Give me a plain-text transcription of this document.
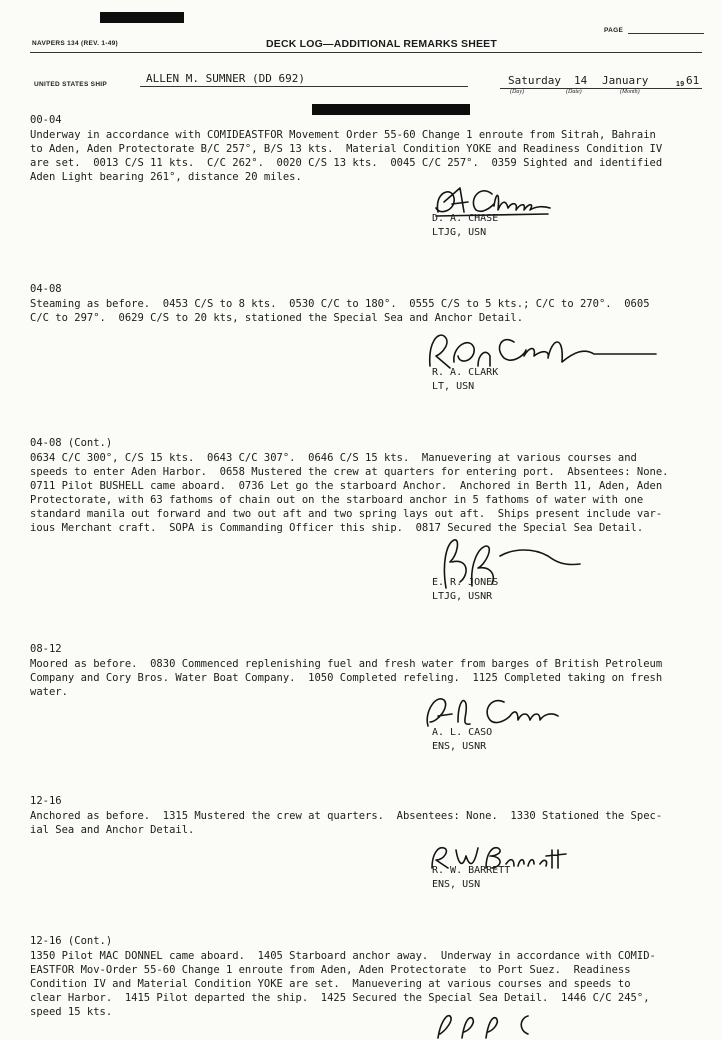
PAGE
NAVPERS 134 (REV. 1-49)	DECK LOG—ADDITIONAL REMARKS SHEET
UNITED STATES SHIP	ALLEN M. SUMNER (DD 692)	Saturday 14 January	19 61
(Day)	(Date)	(Month)
00-04
Underway in accordance with COMIDEASTFOR Movement Order 55-60 Change 1 enroute from Sitrah, Bahrain
to Aden, Aden Protectorate B/C 257°, B/S 13 kts.  Material Condition YOKE and Readiness Condition IV
are set.  0013 C/S 11 kts.  C/C 262°.  0020 C/S 13 kts.  0045 C/C 257°.  0359 Sighted and identified
Aden Light bearing 261°, distance 20 miles.
D. A. CHASE
LTJG, USN
04-08
Steaming as before.  0453 C/S to 8 kts.  0530 C/C to 180°.  0555 C/S to 5 kts.; C/C to 270°.  0605
C/C to 297°.  0629 C/S to 20 kts, stationed the Special Sea and Anchor Detail.
R. A. CLARK
LT, USN
04-08 (Cont.)
0634 C/C 300°, C/S 15 kts.  0643 C/C 307°.  0646 C/S 15 kts.  Manuevering at various courses and
speeds to enter Aden Harbor.  0658 Mustered the crew at quarters for entering port.  Absentees: None.
0711 Pilot BUSHELL came aboard.  0736 Let go the starboard Anchor.  Anchored in Berth 11, Aden, Aden
Protectorate, with 63 fathoms of chain out on the starboard anchor in 5 fathoms of water with one
standard manila out forward and two out aft and two spring lays out aft.  Ships present include var-
ious Merchant craft.  SOPA is Commanding Officer this ship.  0817 Secured the Special Sea Detail.
E. R. JONES
LTJG, USNR
08-12
Moored as before.  0830 Commenced replenishing fuel and fresh water from barges of British Petroleum
Company and Cory Bros. Water Boat Company.  1050 Completed refeling.  1125 Completed taking on fresh
water.
A. L. CASO
ENS, USNR
12-16
Anchored as before.  1315 Mustered the crew at quarters.  Absentees: None.  1330 Stationed the Spec-
ial Sea and Anchor Detail.
R. W. BARRETT
ENS, USN
12-16 (Cont.)
1350 Pilot MAC DONNEL came aboard.  1405 Starboard anchor away.  Underway in accordance with COMID-
EASTFOR Mov-Order 55-60 Change 1 enroute from Aden, Aden Protectorate  to Port Suez.  Readiness
Condition IV and Material Condition YOKE are set.  Manuevering at various courses and speeds to
clear Harbor.  1415 Pilot departed the ship.  1425 Secured the Special Sea Detail.  1446 C/C 245°,
speed 15 kts.
